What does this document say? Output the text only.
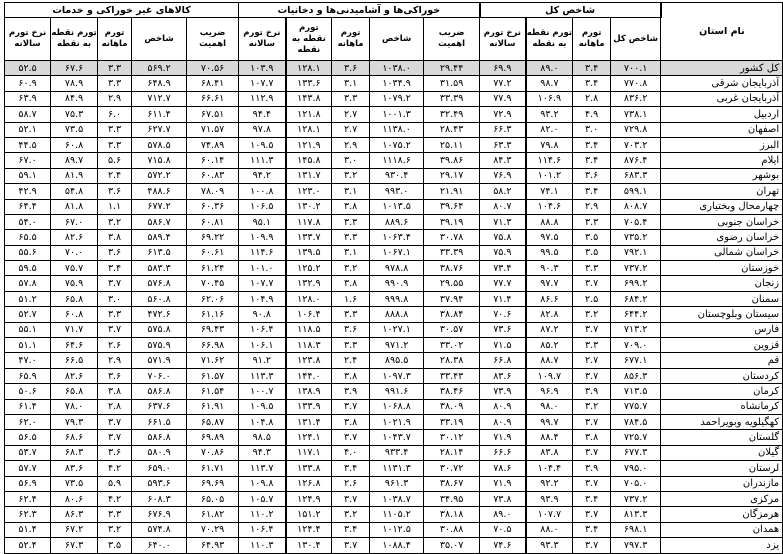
نام استان	شاخص کل				خوراکی‌ها و آشامیدنی‌ها و دخانیات					کالاهای غیر خوراکی و خدمات				
	شاخص کل	تورم ماهانه	تورم نقطه به نقطه	نرخ تورم سالانه	ضریب اهمیت	شاخص	تورم ماهانه	تورم نقطه به نقطه	نرخ تورم سالانه	ضریب اهمیت	شاخص	تورم ماهانه	تورم نقطه به نقطه	نرخ تورم سالانه
کل کشور	۷۰۰.۱	۳.۴	۸۹.۰	۶۹.۹	۲۹.۴۴	۱۰۳۸.۰	۳.۶	۱۲۸.۱	۱۰۳.۹	۷۰.۵۶	۵۶۹.۲	۳.۳	۶۷.۶	۵۲.۵
آذربایجان شرقی	۷۷۰.۸	۳.۴	۹۸.۷	۷۷.۲	۳۱.۵۹	۱۰۳۴.۹	۳.۱	۱۳۳.۶	۱۰۷.۷	۶۸.۴۱	۶۴۸.۹	۳.۳	۷۸.۹	۶۰.۹
آذربایجان غربی	۸۳۶.۲	۲.۸	۱۰۶.۹	۷۷.۹	۳۳.۳۹	۱۰۷۹.۲	۳.۳	۱۴۳.۸	۱۱۲.۹	۶۶.۶۱	۷۱۲.۷	۲.۹	۸۴.۹	۶۳.۹
اردبیل	۷۳۸.۱	۴.۹	۹۳.۲	۷۲.۹	۳۲.۴۹	۱۰۰۱.۳	۲.۷	۱۲۱.۸	۹۴.۴	۶۷.۵۱	۶۱۱.۴	۶.۰	۷۵.۳	۵۸.۷
اصفهان	۷۲۹.۸	۳.۰	۸۲.۰	۶۶.۳	۲۸.۴۳	۱۱۳۸.۰	۲.۷	۱۲۸.۱	۹۷.۸	۷۱.۵۷	۶۲۷.۷	۳.۳	۷۳.۵	۵۲.۱
البرز	۷۰۳.۲	۳.۴	۷۹.۸	۶۳.۳	۲۵.۱۱	۱۰۷۵.۲	۲.۹	۱۲۱.۹	۱۰۹.۵	۷۴.۸۹	۵۷۸.۵	۳.۳	۶۰.۸	۴۴.۵
ایلام	۸۷۶.۴	۳.۴	۱۱۴.۶	۸۴.۳	۳۹.۸۶	۱۱۱۸.۶	۳.۰	۱۴۵.۸	۱۱۱.۳	۶۰.۱۴	۷۱۵.۸	۵.۶	۸۹.۷	۶۷.۰
بوشهر	۶۸۳.۳	۳.۶	۱۰۱.۲	۷۶.۹	۲۹.۱۷	۹۳۰.۴	۳.۲	۱۳۱.۷	۹۴.۲	۶۰.۸۳	۵۷۲.۲	۲.۴	۸۱.۹	۵۹.۱
تهران	۵۹۹.۱	۳.۴	۷۴.۱	۵۸.۲	۲۱.۹۱	۹۹۳.۰	۳.۱	۱۲۳.۰	۱۰۰.۸	۷۸.۰۹	۴۸۸.۶	۳.۶	۵۴.۸	۴۲.۹
چهارمحال وبختیاری	۸۰۸.۷	۲.۹	۱۰۴.۶	۸۰.۷	۳۹.۶۴	۱۰۱۳.۵	۳.۸	۱۳۰.۲	۱۰۶.۵	۶۰.۳۶	۶۷۷.۲	۱.۱	۸۱.۸	۶۴.۴
خراسان جنوبی	۷۰۵.۴	۳.۳	۸۸.۸	۷۱.۳	۳۹.۱۹	۸۸۹.۶	۳.۳	۱۱۷.۸	۹۵.۱	۶۰.۸۱	۵۸۶.۷	۳.۲	۶۷.۰	۵۴.۰
خراسان رضوی	۷۳۵.۲	۳.۵	۹۷.۵	۷۵.۸	۳۰.۷۸	۱۰۶۳.۴	۳.۳	۱۳۳.۷	۱۰۹.۹	۶۹.۲۲	۵۸۹.۴	۳.۸	۸۲.۶	۶۵.۵
خراسان شمالی	۷۹۲.۱	۳.۵	۹۹.۵	۷۵.۹	۳۳.۳۹	۱۰۶۷.۱	۳.۱	۱۳۹.۵	۱۱۴.۶	۶۰.۶۱	۶۱۳.۵	۳.۶	۷۰.۰	۵۵.۶
خوزستان	۷۳۷.۲	۳.۳	۹۰.۳	۷۳.۴	۳۸.۷۶	۹۷۸.۸	۳.۲	۱۲۵.۲	۱۰۱.۰	۶۱.۲۴	۵۸۳.۳	۳.۴	۷۵.۷	۵۹.۵
زنجان	۶۹۹.۲	۳.۷	۹۷.۷	۷۷.۷	۲۹.۵۵	۹۹۰.۹	۳.۸	۱۳۲.۹	۱۰۷.۷	۷۰.۴۵	۵۷۶.۸	۳.۷	۷۵.۹	۵۷.۸
سمنان	۶۸۴.۲	۲.۵	۸۶.۶	۷۱.۴	۳۷.۹۴	۹۹۹.۸	۱.۶	۱۲۸.۰	۱۰۴.۹	۶۲.۰۶	۵۶۰.۸	۳.۰	۶۵.۸	۵۱.۲
سیستان وبلوچستان	۶۴۴.۲	۳.۲	۸۲.۸	۷۰.۶	۳۸.۸۴	۸۸۸.۸	۳.۳	۱۰۶.۴	۹۰.۸	۶۱.۱۶	۴۷۲.۶	۳.۳	۶۰.۸	۵۲.۷
فارس	۷۱۳.۲	۳.۷	۸۷.۲	۷۳.۶	۳۰.۵۷	۱۰۲۷.۱	۳.۶	۱۱۸.۵	۱۰۶.۴	۶۹.۴۳	۵۷۵.۸	۳.۷	۷۱.۷	۵۵.۱
قزوین	۷۰۹.۰	۳.۳	۸۵.۲	۷۱.۵	۳۳.۰۲	۹۷۱.۲	۳.۳	۱۱۸.۳	۱۰۶.۱	۶۶.۹۸	۵۷۵.۹	۲.۶	۶۴.۶	۵۱.۱
قم	۶۷۷.۱	۲.۷	۸۸.۷	۶۶.۸	۲۸.۳۸	۸۹۵.۵	۲.۴	۱۲۳.۸	۹۱.۲	۷۱.۶۲	۵۷۱.۹	۲.۹	۶۶.۵	۴۷.۰
کردستان	۸۵۶.۳	۳.۷	۱۰۹.۷	۸۳.۶	۳۳.۴۳	۱۰۹۷.۳	۳.۸	۱۴۴.۰	۱۱۳.۳	۶۱.۵۷	۷۰۶.۰	۳.۶	۸۲.۶	۶۵.۹
کرمان	۷۱۳.۵	۳.۹	۹۶.۹	۷۳.۹	۳۸.۴۶	۹۹۱.۶	۳.۹	۱۳۸.۹	۱۰۰.۷	۶۱.۵۴	۵۸۶.۸	۳.۸	۶۵.۸	۵۰.۶
کرمانشاه	۷۷۵.۷	۳.۲	۹۸.۰	۸۰.۹	۳۸.۰۹	۱۰۶۸.۸	۳.۷	۱۳۳.۹	۱۰۹.۵	۶۱.۹۱	۶۳۷.۶	۲.۸	۷۸.۰	۶۱.۴
کهگیلویه وبویراحمد	۷۸۴.۵	۳.۷	۹۹.۷	۸۰.۹	۳۳.۱۹	۱۰۲۱.۹	۳.۸	۱۳۱.۴	۱۰۴.۸	۶۵.۸۷	۶۶۱.۵	۳.۷	۷۹.۳	۶۲.۰
گلستان	۷۲۵.۷	۳.۸	۸۸.۴	۷۱.۹	۳۰.۱۲	۱۰۴۳.۷	۳.۷	۱۲۴.۱	۹۸.۵	۶۹.۸۹	۵۸۶.۸	۳.۷	۶۸.۶	۵۶.۵
گیلان	۶۷۷.۳	۳.۷	۸۳.۸	۶۶.۶	۲۸.۱۴	۹۳۳.۴	۴.۰	۱۱۷.۱	۹۴.۳	۷۰.۸۶	۵۸۰.۹	۳.۶	۶۸.۳	۵۳.۷
لرستان	۷۹۵.۰	۳.۹	۱۰۴.۴	۷۸.۶	۳۰.۷۲	۱۱۳۱.۳	۳.۴	۱۳۳.۸	۱۱۳.۷	۶۱.۷۱	۶۵۹.۰	۴.۲	۸۳.۶	۵۷.۷
مازندران	۷۰۵.۰	۳.۷	۹۲.۲	۷۱.۹	۳۸.۶۷	۹۶۱.۳	۲.۶	۱۲۶.۸	۱۰۹.۸	۶۹.۶۹	۵۹۳.۶	۵.۹	۷۳.۵	۵۶.۹
مرکزی	۷۳۷.۲	۳.۴	۹۳.۹	۷۳.۸	۳۴.۹۵	۱۰۳۸.۷	۳.۷	۱۲۴.۹	۱۰۵.۷	۶۵.۰۵	۶۰۸.۳	۴.۲	۸۰.۶	۶۲.۴
هرمزگان	۸۱۳.۳	۳.۷	۱۰۷.۷	۸۹.۰	۳۸.۱۸	۱۱۰۵.۲	۳.۲	۱۵۱.۲	۱۱۰.۲	۶۱.۸۲	۶۷۶.۹	۳.۳	۸۶.۳	۶۲.۳
همدان	۶۹۸.۱	۳.۴	۸۸.۰	۷۰.۵	۳۰.۸۸	۱۰۱۲.۵	۳.۴	۱۲۴.۴	۱۰۶.۴	۷۰.۲۹	۵۷۴.۸	۳.۲	۶۷.۲	۵۱.۴
یزد	۷۹۷.۳	۳.۷	۹۳.۳	۷۴.۶	۳۵.۰۷	۱۰۸۸.۴	۳.۷	۱۳۰.۴	۱۱۰.۳	۶۴.۹۳	۶۴۰.۰	۳.۵	۶۷.۳	۵۲.۴
